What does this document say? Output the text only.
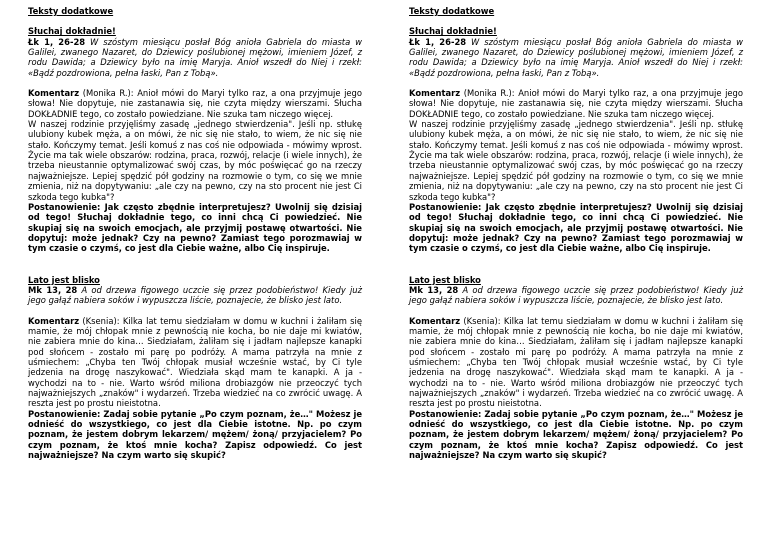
Teksty dodatkowe

Słuchaj dokładnie!

Łk 1, 26-28 W szóstym miesiącu posłał Bóg anioła Gabriela do miasta w Galilei, zwanego Nazaret, do Dziewicy poślubionej mężowi, imieniem Józef, z rodu Dawida; a Dziewicy było na imię Maryja. Anioł wszedł do Niej i rzekł: «Bądź pozdrowiona, pełna łaski, Pan z Tobą».

Komentarz (Monika R.): Anioł mówi do Maryi tylko raz, a ona przyjmuje jego słowa! Nie dopytuje, nie zastanawia się, nie czyta między wierszami. Słucha DOKŁADNIE tego, co zostało powiedziane. Nie szuka tam niczego więcej.

W naszej rodzinie przyjęliśmy zasadę „jednego stwierdzenia". Jeśli np. stłukę ulubiony kubek męża, a on mówi, że nic się nie stało, to wiem, że nic się nie stało. Kończymy temat. Jeśli komuś z nas coś nie odpowiada - mówimy wprost. Życie ma tak wiele obszarów: rodzina, praca, rozwój, relacje (i wiele innych), że trzeba nieustannie optymalizować swój czas, by móc poświęcać go na rzeczy najważniejsze. Lepiej spędzić pół godziny na rozmowie o tym, co się we mnie zmienia, niż na dopytywaniu: „ale czy na pewno, czy na sto procent nie jest Ci szkoda tego kubka"?

Postanowienie: Jak często zbędnie interpretujesz? Uwolnij się dzisiaj od tego! Słuchaj dokładnie tego, co inni chcą Ci powiedzieć. Nie skupiaj się na swoich emocjach, ale przyjmij postawę otwartości. Nie dopytuj: może jednak? Czy na pewno? Zamiast tego porozmawiaj w tym czasie o czymś, co jest dla Ciebie ważne, albo Cię inspiruje.

Lato jest blisko

Mk 13, 28 A od drzewa figowego uczcie się przez podobieństwo! Kiedy już jego gałąź nabiera soków i wypuszcza liście, poznajecie, że blisko jest lato.

Komentarz (Ksenia): Kilka lat temu siedziałam w domu w kuchni i żaliłam się mamie, że mój chłopak mnie z pewnością nie kocha, bo nie daje mi kwiatów, nie zabiera mnie do kina… Siedziałam, żaliłam się i jadłam najlepsze kanapki pod słońcem - zostało mi parę po podróży. A mama patrzyła na mnie z uśmiechem: „Chyba ten Twój chłopak musiał wcześnie wstać, by Ci tyle jedzenia na drogę naszykować". Wiedziała skąd mam te kanapki. A ja - wychodzi na to - nie. Warto wśród miliona drobiazgów nie przeoczyć tych najważniejszych „znaków" i wydarzeń. Trzeba wiedzieć na co zwrócić uwagę. A reszta jest po prostu nieistotna.

Postanowienie: Zadaj sobie pytanie „Po czym poznam, że…" Możesz je odnieść do wszystkiego, co jest dla Ciebie istotne. Np. po czym poznam, że jestem dobrym lekarzem/ mężem/ żoną/ przyjacielem? Po czym poznam, że ktoś mnie kocha? Zapisz odpowiedź. Co jest najważniejsze? Na czym warto się skupić?

Teksty dodatkowe

Słuchaj dokładnie!

Łk 1, 26-28 W szóstym miesiącu posłał Bóg anioła Gabriela do miasta w Galilei, zwanego Nazaret, do Dziewicy poślubionej mężowi, imieniem Józef, z rodu Dawida; a Dziewicy było na imię Maryja. Anioł wszedł do Niej i rzekł: «Bądź pozdrowiona, pełna łaski, Pan z Tobą».

Komentarz (Monika R.): Anioł mówi do Maryi tylko raz, a ona przyjmuje jego słowa! Nie dopytuje, nie zastanawia się, nie czyta między wierszami. Słucha DOKŁADNIE tego, co zostało powiedziane. Nie szuka tam niczego więcej.

W naszej rodzinie przyjęliśmy zasadę „jednego stwierdzenia". Jeśli np. stłukę ulubiony kubek męża, a on mówi, że nic się nie stało, to wiem, że nic się nie stało. Kończymy temat. Jeśli komuś z nas coś nie odpowiada - mówimy wprost. Życie ma tak wiele obszarów: rodzina, praca, rozwój, relacje (i wiele innych), że trzeba nieustannie optymalizować swój czas, by móc poświęcać go na rzeczy najważniejsze. Lepiej spędzić pół godziny na rozmowie o tym, co się we mnie zmienia, niż na dopytywaniu: „ale czy na pewno, czy na sto procent nie jest Ci szkoda tego kubka"?

Postanowienie: Jak często zbędnie interpretujesz? Uwolnij się dzisiaj od tego! Słuchaj dokładnie tego, co inni chcą Ci powiedzieć. Nie skupiaj się na swoich emocjach, ale przyjmij postawę otwartości. Nie dopytuj: może jednak? Czy na pewno? Zamiast tego porozmawiaj w tym czasie o czymś, co jest dla Ciebie ważne, albo Cię inspiruje.

Lato jest blisko

Mk 13, 28 A od drzewa figowego uczcie się przez podobieństwo! Kiedy już jego gałąź nabiera soków i wypuszcza liście, poznajecie, że blisko jest lato.

Komentarz (Ksenia): Kilka lat temu siedziałam w domu w kuchni i żaliłam się mamie, że mój chłopak mnie z pewnością nie kocha, bo nie daje mi kwiatów, nie zabiera mnie do kina… Siedziałam, żaliłam się i jadłam najlepsze kanapki pod słońcem - zostało mi parę po podróży. A mama patrzyła na mnie z uśmiechem: „Chyba ten Twój chłopak musiał wcześnie wstać, by Ci tyle jedzenia na drogę naszykować". Wiedziała skąd mam te kanapki. A ja - wychodzi na to - nie. Warto wśród miliona drobiazgów nie przeoczyć tych najważniejszych „znaków" i wydarzeń. Trzeba wiedzieć na co zwrócić uwagę. A reszta jest po prostu nieistotna.

Postanowienie: Zadaj sobie pytanie „Po czym poznam, że…" Możesz je odnieść do wszystkiego, co jest dla Ciebie istotne. Np. po czym poznam, że jestem dobrym lekarzem/ mężem/ żoną/ przyjacielem? Po czym poznam, że ktoś mnie kocha? Zapisz odpowiedź. Co jest najważniejsze? Na czym warto się skupić?
